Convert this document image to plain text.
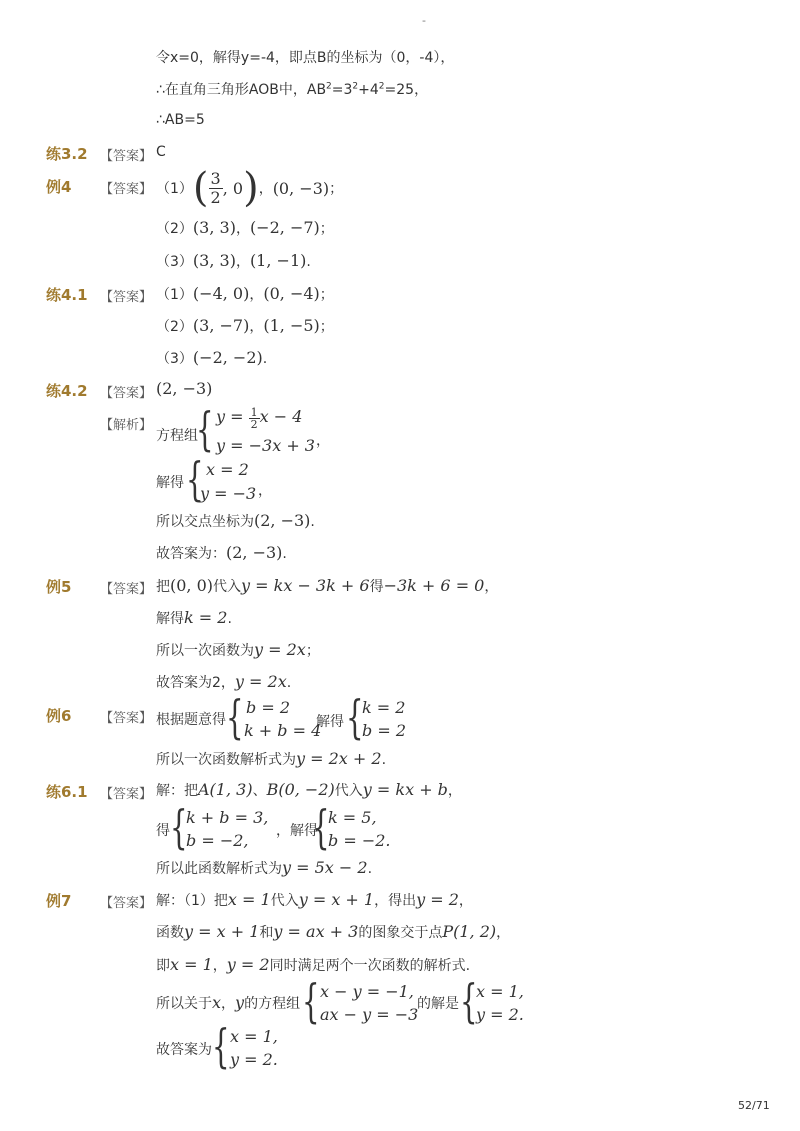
-
令x=0，解得y=‑4，即点B的坐标为（0，‑4），
∴在直角三角形AOB中，$AB^2=3^2+4^2=25$，
∴AB=5
练3.2 【答案】 C
例4 【答案】 （1） ( $\frac{3}{2}$ , 0 ) ， (0, −3) ；
（2）(3, 3)，(−2, −7)；
（3）(3, 3)，(1, −1).
练4.1 【答案】 （1）(−4, 0)，(0, −4)；
（2）(3, −7)，(1, −5)；
（3）(−2, −2).
练4.2 【答案】 (2, −3)
【解析】
方程组
{ $y = \frac{1}{2}$ x − 4
y = −3x + 3 ，
解得 { x = 2
y = −3 ，
所以交点坐标为(2, −3).
故答案为：(2, −3).
例5 【答案】 把(0, 0)代入y = kx − 3k + 6得−3k + 6 = 0，
解得k = 2.
所以一次函数为y = 2x；
故答案为2，y = 2x.
例6 【答案】 根据题意得 { b = 2
k + b = 4
解得 {
k = 2
b = 2
所以一次函数解析式为y = 2x + 2.
练6.1 【答案】 解：把A(1, 3)、B(0, −2)代入y = kx + b，
得 {
k + b = 3,
b = −2, ，解得
{
k = 5,
b = −2.
所以此函数解析式为y = 5x − 2.
例7 【答案】 解：（1）把x = 1代入y = x + 1，得出y = 2，
函数y = x + 1和y = ax + 3的图象交于点P(1, 2)，
即x = 1，y = 2同时满足两个一次函数的解析式.
所以关于x，y的方程组 { x − y = −1,
ax − y = −3
的解是 {
x = 1,
y = 2.
故答案为 { x = 1,
y = 2.
52/71
